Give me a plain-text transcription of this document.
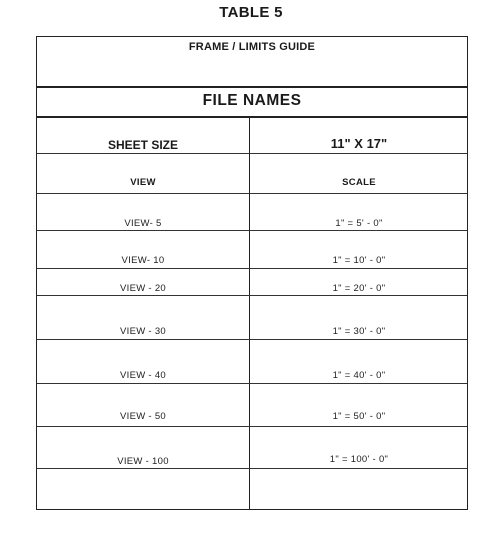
TABLE 5
FRAME / LIMITS GUIDE
FILE NAMES
SHEET SIZE	11" X 17"
VIEW	SCALE
VIEW- 5	1" = 5' - 0"
VIEW- 10	1" = 10' - 0"
VIEW - 20	1" = 20' - 0"
VIEW - 30	1" = 30' - 0"
VIEW - 40	1" = 40' - 0"
VIEW - 50	1" = 50' - 0"
VIEW - 100	1" = 100' - 0"
